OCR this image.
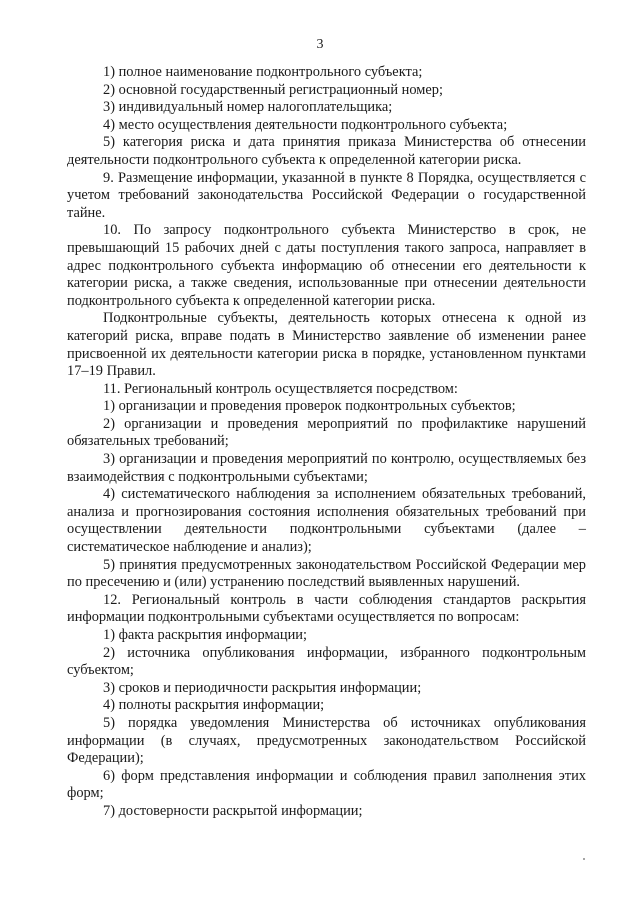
3

1) полное наименование подконтрольного субъекта;

2) основной государственный регистрационный номер;

3) индивидуальный номер налогоплательщика;

4) место осуществления деятельности подконтрольного субъекта;

5) категория риска и дата принятия приказа Министерства об отнесении деятельности подконтрольного субъекта к определенной категории риска.

9. Размещение информации, указанной в пункте 8 Порядка, осуществляется с учетом требований законодательства Российской Федерации о государственной тайне.

10. По запросу подконтрольного субъекта Министерство в срок, не превышающий 15 рабочих дней с даты поступления такого запроса, направляет в адрес подконтрольного субъекта информацию об отнесении его деятельности к категории риска, а также сведения, использованные при отнесении деятельности подконтрольного субъекта к определенной категории риска.

Подконтрольные субъекты, деятельность которых отнесена к одной из категорий риска, вправе подать в Министерство заявление об изменении ранее присвоенной их деятельности категории риска в порядке, установленном пунктами 17–19 Правил.

11. Региональный контроль осуществляется посредством:

1) организации и проведения проверок подконтрольных субъектов;

2) организации и проведения мероприятий по профилактике нарушений обязательных требований;

3) организации и проведения мероприятий по контролю, осуществляемых без взаимодействия с подконтрольными субъектами;

4) систематического наблюдения за исполнением обязательных требований, анализа и прогнозирования состояния исполнения обязательных требований при осуществлении деятельности подконтрольными субъектами (далее – систематическое наблюдение и анализ);

5) принятия предусмотренных законодательством Российской Федерации мер по пресечению и (или) устранению последствий выявленных нарушений.

12. Региональный контроль в части соблюдения стандартов раскрытия информации подконтрольными субъектами осуществляется по вопросам:

1) факта раскрытия информации;

2) источника опубликования информации, избранного подконтрольным субъектом;

3) сроков и периодичности раскрытия информации;

4) полноты раскрытия информации;

5) порядка уведомления Министерства об источниках опубликования информации (в случаях, предусмотренных законодательством Российской Федерации);

6) форм представления информации и соблюдения правил заполнения этих форм;

7) достоверности раскрытой информации;
